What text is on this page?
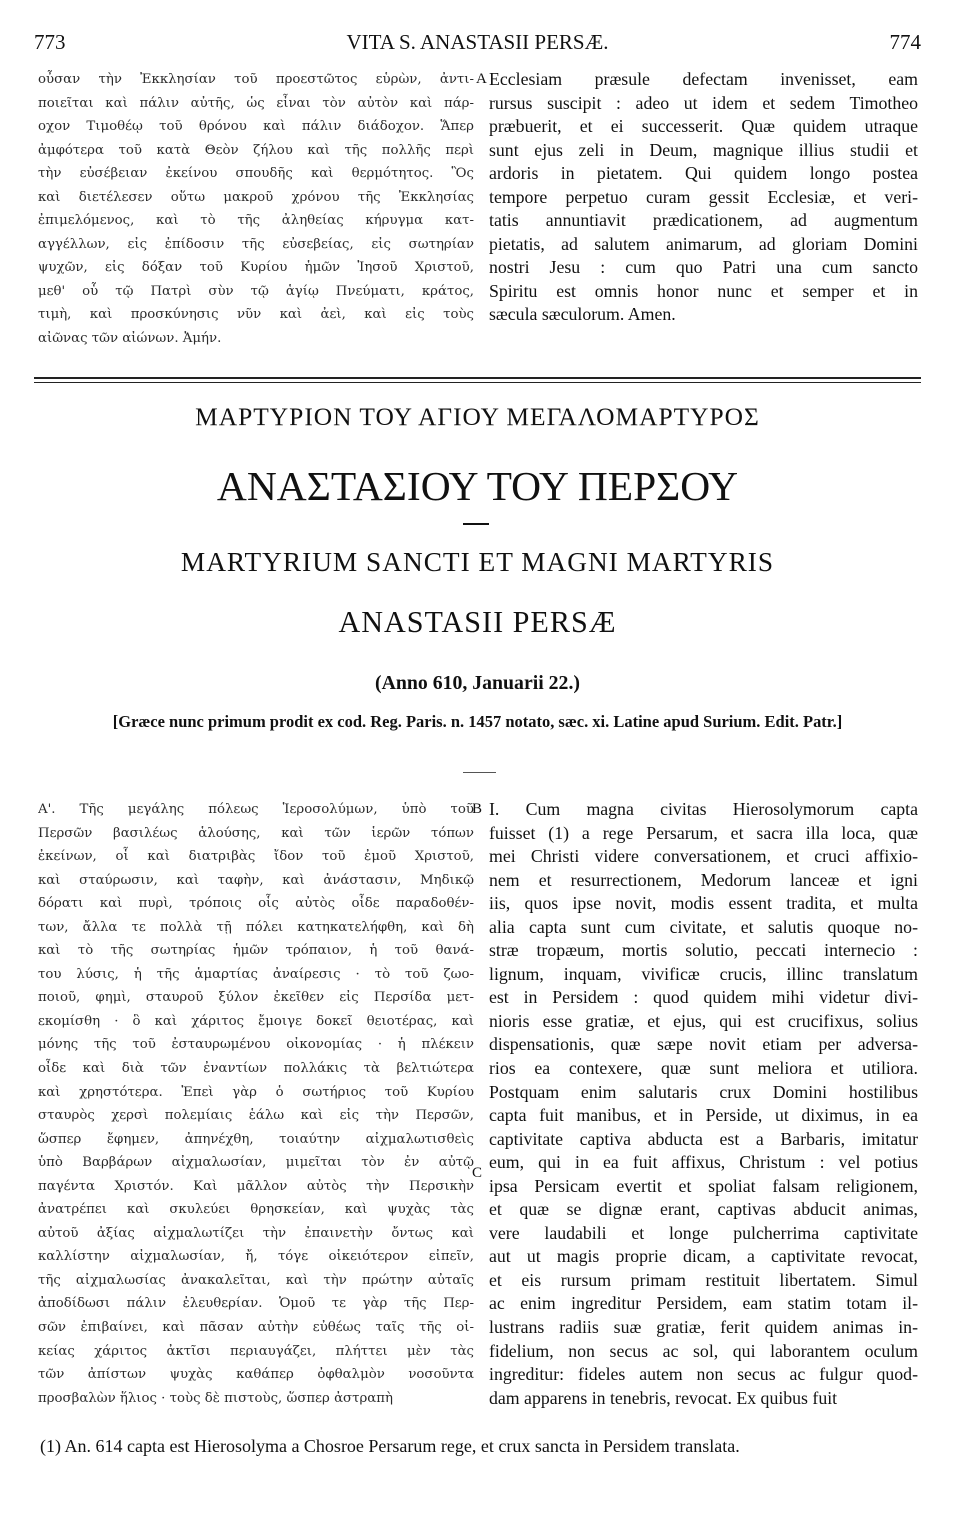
773	VITA S. ANASTASII PERSÆ.	774
οὖσαν τὴν Ἐκκλησίαν τοῦ προεστῶτος εὑρὼν, ἀντι-
ποιεῖται καὶ πάλιν αὐτῆς, ὡς εἶναι τὸν αὐτὸν καὶ πάρ-
οχον Τιμοθέῳ τοῦ θρόνου καὶ πάλιν διάδοχον. Ἅπερ
ἀμφότερα τοῦ κατὰ Θεὸν ζήλου καὶ τῆς πολλῆς περὶ
τὴν εὐσέβειαν ἐκείνου σπουδῆς καὶ θερμότητος. Ὃς
καὶ διετέλεσεν οὕτω μακροῦ χρόνου τῆς Ἐκκλησίας
ἐπιμελόμενος, καὶ τὸ τῆς ἀληθείας κήρυγμα κατ-
αγγέλλων, εἰς ἐπίδοσιν τῆς εὐσεβείας, εἰς σωτηρίαν
ψυχῶν, εἰς δόξαν τοῦ Κυρίου ἡμῶν Ἰησοῦ Χριστοῦ,
μεθ' οὗ τῷ Πατρὶ σὺν τῷ ἁγίῳ Πνεύματι, κράτος,
τιμὴ, καὶ προσκύνησις νῦν καὶ ἀεὶ, καὶ εἰς τοὺς
αἰῶνας τῶν αἰώνων. Ἀμήν.
A Ecclesiam præsule defectam invenisset, eam
rursus suscipit : adeo ut idem et sedem Timotheo
præbuerit, et ei successerit. Quæ quidem utraque
sunt ejus zeli in Deum, magnique illius studii et
ardoris in pietatem. Qui quidem longo postea
tempore perpetuo curam gessit Ecclesiæ, et veri-
tatis annuntiavit prædicationem, ad augmentum
pietatis, ad salutem animarum, ad gloriam Domini
nostri Jesu : cum quo Patri una cum sancto
Spiritu est omnis honor nunc et semper et in
sæcula sæculorum. Amen.
ΜΑΡΤΥΡΙΟΝ ΤΟΥ ΑΓΙΟΥ ΜΕΓΑΛΟΜΑΡΤΥΡΟΣ
ΑΝΑΣΤΑΣΙΟΥ ΤΟΥ ΠΕΡΣΟΥ
MARTYRIUM SANCTI ET MAGNI MARTYRIS
ANASTASII PERSÆ
(Anno 610, Januarii 22.)
[Græce nunc primum prodit ex cod. Reg. Paris. n. 1457 notato, sæc. xi. Latine apud Surium. Edit. Patr.]
Α'. Τῆς μεγάλης πόλεως Ἱεροσολύμων, ὑπὸ τοῦ
Περσῶν βασιλέως ἁλούσης, καὶ τῶν ἱερῶν τόπων
ἐκείνων, οἷ καὶ διατριβὰς ἴδον τοῦ ἐμοῦ Χριστοῦ,
καὶ σταύρωσιν, καὶ ταφὴν, καὶ ἀνάστασιν, Μηδικῷ
δόρατι καὶ πυρὶ, τρόποις οἷς αὐτὸς οἶδε παραδοθέν-
των, ἄλλα τε πολλὰ τῇ πόλει κατηκατελήφθη, καὶ δὴ
καὶ τὸ τῆς σωτηρίας ἡμῶν τρόπαιον, ἡ τοῦ θανά-
του λύσις, ἡ τῆς ἁμαρτίας ἀναίρεσις · τὸ τοῦ ζωο-
ποιοῦ, φημὶ, σταυροῦ ξύλον ἐκεῖθεν εἰς Περσίδα μετ-
εκομίσθη · ὃ καὶ χάριτος ἔμοιγε δοκεῖ θειοτέρας, καὶ
μόνης τῆς τοῦ ἐσταυρωμένου οἰκονομίας · ἡ πλέκειν
οἶδε καὶ διὰ τῶν ἐναντίων πολλάκις τὰ βελτιώτερα
καὶ χρηστότερα. Ἐπεὶ γὰρ ὁ σωτήριος τοῦ Κυρίου
σταυρὸς χερσὶ πολεμίαις ἑάλω καὶ εἰς τὴν Περσῶν,
ὥσπερ ἔφημεν, ἀπηνέχθη, τοιαύτην αἰχμαλωτισθεὶς
ὑπὸ Βαρβάρων αἰχμαλωσίαν, μιμεῖται τὸν ἐν αὐτῷ
παγέντα Χριστόν. Καὶ μᾶλλον αὐτὸς τὴν Περσικὴν
ἀνατρέπει καὶ σκυλεύει θρησκείαν, καὶ ψυχὰς τὰς
αὐτοῦ ἀξίας αἰχμαλωτίζει τὴν ἐπαινετὴν ὄντως καὶ
καλλίστην αἰχμαλωσίαν, ἤ, τόγε οἰκειότερον εἰπεῖν,
τῆς αἰχμαλωσίας ἀνακαλεῖται, καὶ τὴν πρώτην αὐταῖς
ἀποδίδωσι πάλιν ἐλευθερίαν. Ὁμοῦ τε γὰρ τῆς Περ-
σῶν ἐπιβαίνει, καὶ πᾶσαν αὐτὴν εὐθέως ταῖς τῆς οἰ-
κείας χάριτος ἀκτῖσι περιαυγάζει, πλήττει μὲν τὰς
τῶν ἀπίστων ψυχὰς καθάπερ ὀφθαλμὸν νοσοῦντα
προσβαλὼν ἥλιος · τοὺς δὲ πιστοὺς, ὥσπερ ἀστραπὴ
B
C
I. Cum magna civitas Hierosolymorum capta
fuisset (1) a rege Persarum, et sacra illa loca, quæ
mei Christi videre conversationem, et cruci affixio-
nem et resurrectionem, Medorum lanceæ et igni
iis, quos ipse novit, modis essent tradita, et multa
alia capta sunt cum civitate, et salutis quoque no-
stræ tropæum, mortis solutio, peccati internecio :
lignum, inquam, vivificæ crucis, illinc translatum
est in Persidem : quod quidem mihi videtur divi-
nioris esse gratiæ, et ejus, qui est crucifixus, solius
dispensationis, quæ sæpe novit etiam per adversa-
rios ea contexere, quæ sunt meliora et utiliora.
Postquam enim salutaris crux Domini hostilibus
capta fuit manibus, et in Perside, ut diximus, in ea
captivitate captiva abducta est a Barbaris, imitatur
eum, qui in ea fuit affixus, Christum : vel potius
ipsa Persicam evertit et spoliat falsam religionem,
et quæ se dignæ erant, captivas abducit animas,
vere laudabili et longe pulcherrima captivitate
aut ut magis proprie dicam, a captivitate revocat,
et eis rursum primam restituit libertatem. Simul
ac enim ingreditur Persidem, eam statim totam il-
lustrans radiis suæ gratiæ, ferit quidem animas in-
fidelium, non secus ac sol, qui laborantem oculum
ingreditur: fideles autem non secus ac fulgur quod-
dam apparens in tenebris, revocat. Ex quibus fuit
(1) An. 614 capta est Hierosolyma a Chosroe Persarum rege, et crux sancta in Persidem translata.
